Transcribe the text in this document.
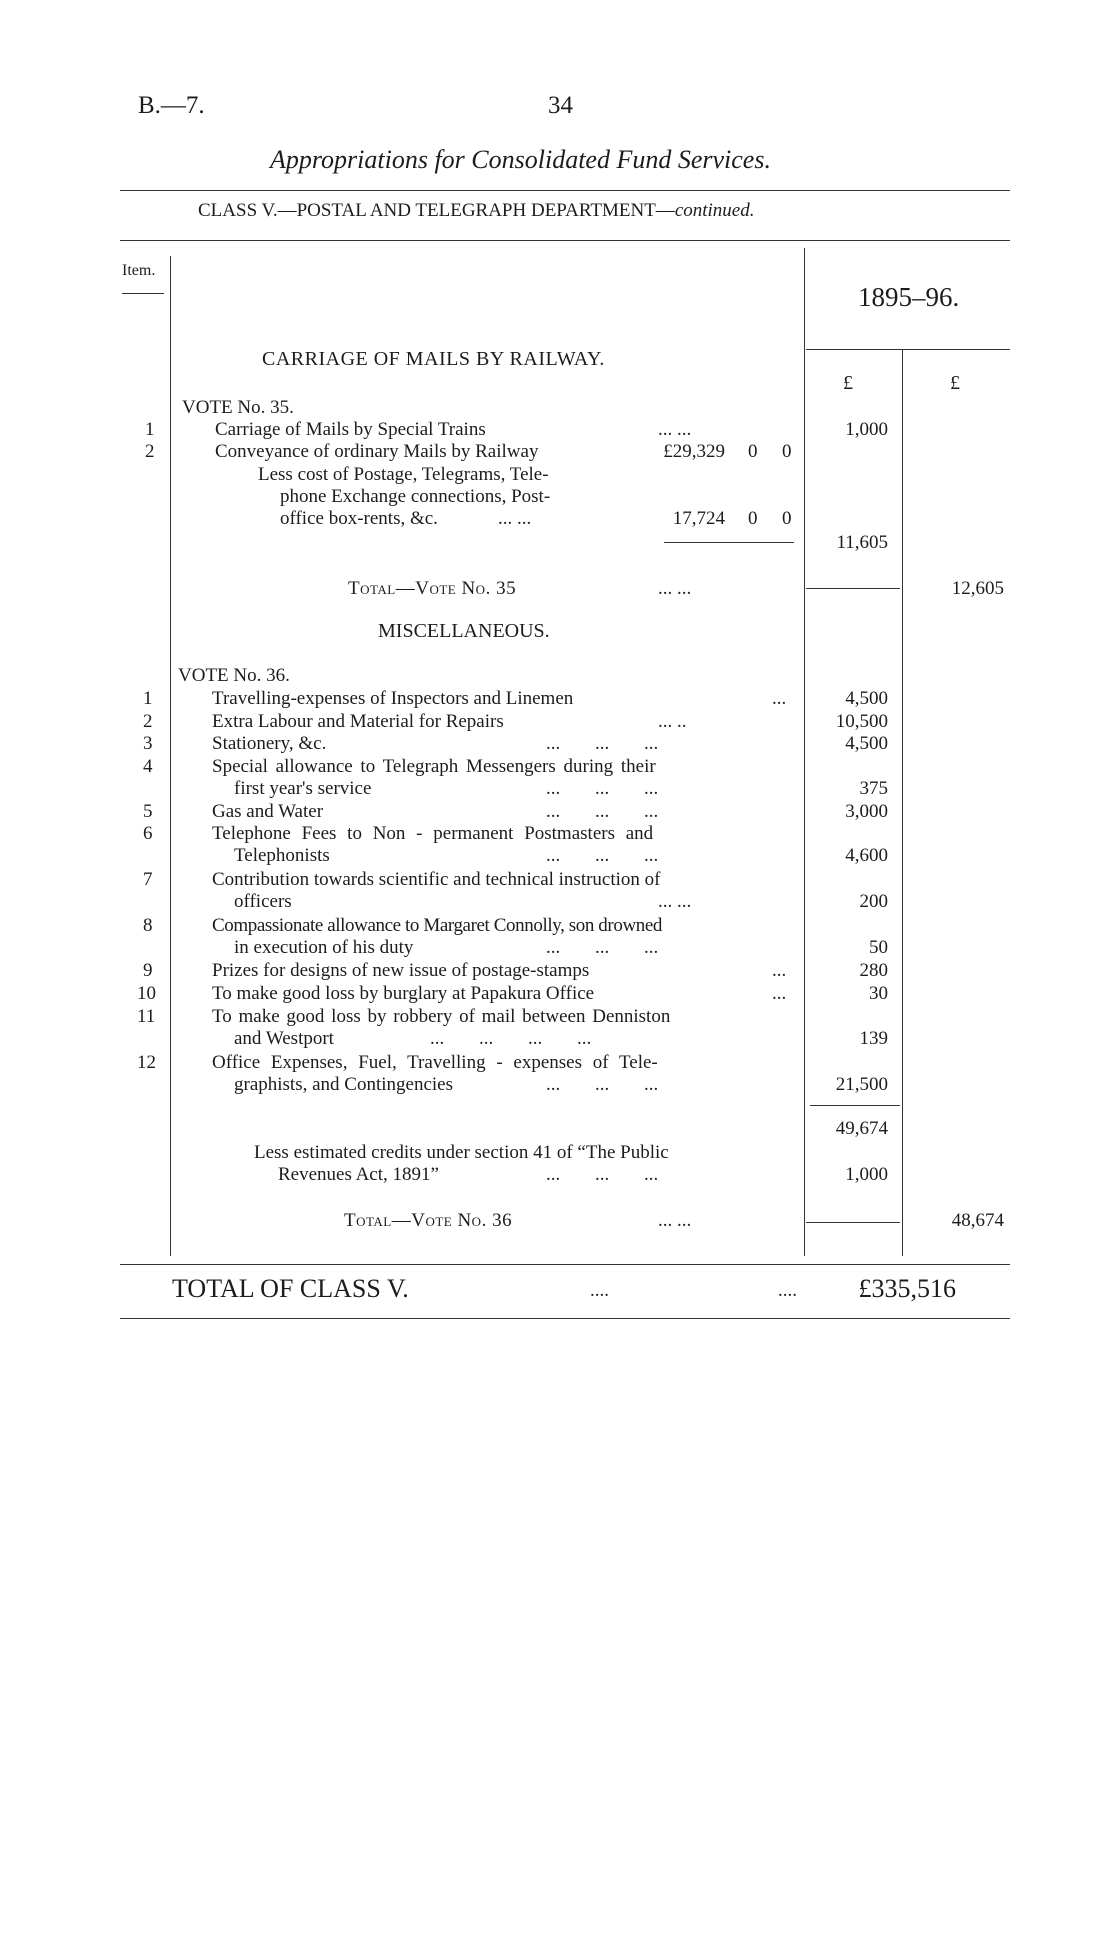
B.—7.	34
Appropriations for Consolidated Fund Services.
CLASS V.—POSTAL AND TELEGRAPH DEPARTMENT—continued.
Item.
1895–96.
£	£
CARRIAGE OF MAILS BY RAILWAY.
VOTE No. 35.
1	Carriage of Mails by Special Trains	... ...	1,000
2	Conveyance of ordinary Mails by Railway	£29,329 0 0
Less cost of Postage, Telegrams, Tele-
phone Exchange connections, Post-
office box-rents, &c.	... ...	17,724 0 0
11,605
Total—Vote No. 35	... ...	12,605
MISCELLANEOUS.
VOTE No. 36.
1	Travelling-expenses of Inspectors and Linemen	...	4,500
2	Extra Labour and Material for Repairs	... ..	10,500
3	Stationery, &c.	... ... ...	4,500
4	Special allowance to Telegraph Messengers during their
first year's service	... ... ...	375
5	Gas and Water	... ... ...	3,000
6	Telephone Fees to Non - permanent Postmasters and
Telephonists	... ... ...	4,600
7	Contribution towards scientific and technical instruction of
officers	... ...	200
8	Compassionate allowance to Margaret Connolly, son drowned
in execution of his duty	... ... ...	50
9	Prizes for designs of new issue of postage-stamps	...	280
10	To make good loss by burglary at Papakura Office	...	30
11	To make good loss by robbery of mail between Denniston
and Westport	... ... ... ...	139
12	Office Expenses, Fuel, Travelling - expenses of Tele-
graphists, and Contingencies	... ... ...	21,500
49,674
Less estimated credits under section 41 of “The Public
Revenues Act, 1891”	... ... ...	1,000
Total—Vote No. 36	... ...	48,674
TOTAL OF CLASS V.	....	.... £335,516
